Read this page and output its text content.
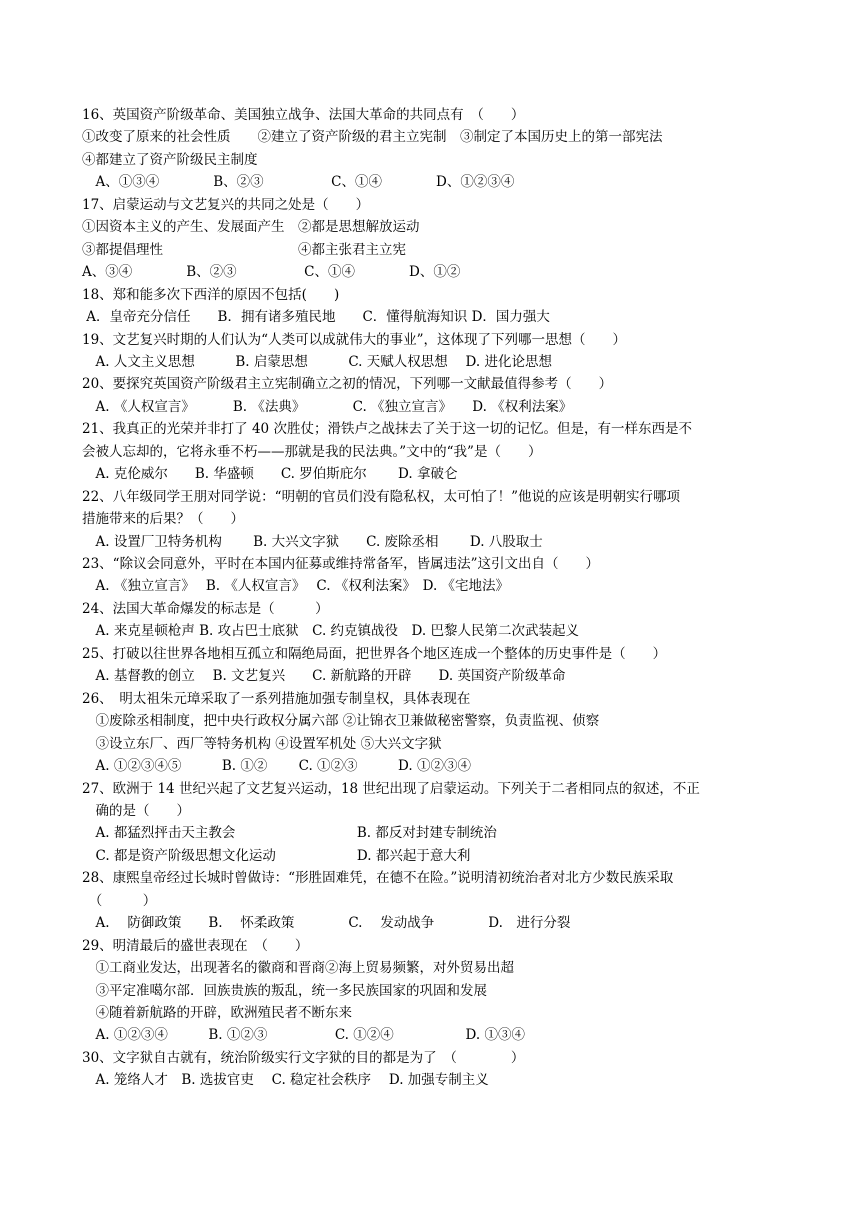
16、英国资产阶级革命、美国独立战争、法国大革命的共同点有　（　　）
①改变了原来的社会性质　　②建立了资产阶级的君主立宪制　③制定了本国历史上的第一部宪法
④都建立了资产阶级民主制度
　A、①③④　　　　B、②③　　　　　C、①④　　　　D、①②③④
17、启蒙运动与文艺复兴的共同之处是（　　）
①因资本主义的产生、发展面产生　②都是思想解放运动
③都提倡理性　　　　　　　　　　④都主张君主立宪
A、③④　　　　B、②③　　　　　C、①④　　　　D、①②
18、郑和能多次下西洋的原因不包括(　　)
A．皇帝充分信任　　B．拥有诸多殖民地　　C．懂得航海知识 D．国力强大
19、文艺复兴时期的人们认为“人类可以成就伟大的事业”，这体现了下列哪一思想（　　）
　A. 人文主义思想　　　B. 启蒙思想　　　C. 天赋人权思想　 D. 进化论思想
20、要探究英国资产阶级君主立宪制确立之初的情况，下列哪一文献最值得参考（　　）
　A. 《人权宣言》　　　 B. 《法典》　　　　C. 《独立宣言》　　D. 《权利法案》
21、我真正的光荣并非打了 40 次胜仗；滑铁卢之战抹去了关于这一切的记忆。但是，有一样东西是不
会被人忘却的，它将永垂不朽——那就是我的民法典。”文中的“我”是（　　）
　A. 克伦威尔　　B. 华盛顿　　C. 罗伯斯庇尔　　 D. 拿破仑
22、八年级同学王朋对同学说：“明朝的官员们没有隐私权，太可怕了！”他说的应该是明朝实行哪项
措施带来的后果？（　　）
　A. 设置厂卫特务机构　　 B. 大兴文字狱　　C. 废除丞相　　 D. 八股取士
23、“除议会同意外，平时在本国内征募或维持常备军，皆属违法”这引文出自（　　）
　A. 《独立宣言》　 B. 《人权宣言》　 C. 《权利法案》　D. 《宅地法》
24、法国大革命爆发的标志是（　　　）
　A. 来克星顿枪声 B. 攻占巴士底狱　C. 约克镇战役　D. 巴黎人民第二次武装起义
25、打破以往世界各地相互孤立和隔绝局面，把世界各个地区连成一个整体的历史事件是（　　）
　A. 基督教的创立　 B. 文艺复兴　　C. 新航路的开辟　　D. 英国资产阶级革命
26、　明太祖朱元璋采取了一系列措施加强专制皇权，具体表现在
　①废除丞相制度，把中央行政权分属六部 ②让锦衣卫兼做秘密警察，负责监视、侦察
　③设立东厂、西厂等特务机构 ④设置军机处 ⑤大兴文字狱
　A. ①②③④⑤　　　B. ①②　　 C. ①②③　　　D. ①②③④
27、欧洲于 14 世纪兴起了文艺复兴运动，18 世纪出现了启蒙运动。下列关于二者相同点的叙述，不正
　确的是（　　）
　A. 都猛烈抨击天主教会　　　　　　　　　B. 都反对封建专制统治
　C. 都是资产阶级思想文化运动　　　　　　D. 都兴起于意大利
28、康熙皇帝经过长城时曾做诗：“形胜固难凭，在德不在险。”说明清初统治者对北方少数民族采取
　（　　　）
　A.　 防御政策　　B.　 怀柔政策　　　　C.　 发动战争　　　　D.　进行分裂
29、明清最后的盛世表现在　（　　）
　①工商业发达，出现著名的徽商和晋商②海上贸易频繁，对外贸易出超
　③平定准噶尔部．回族贵族的叛乱，统一多民族国家的巩固和发展
　④随着新航路的开辟，欧洲殖民者不断东来
　A. ①②③④　　　B. ①②③　　　　　C. ①②④　　　　　 D. ①③④
30、文字狱自古就有，统治阶级实行文字狱的目的都是为了　（　　　　）
　A. 笼络人才　B. 选拔官吏　 C. 稳定社会秩序　 D. 加强专制主义
